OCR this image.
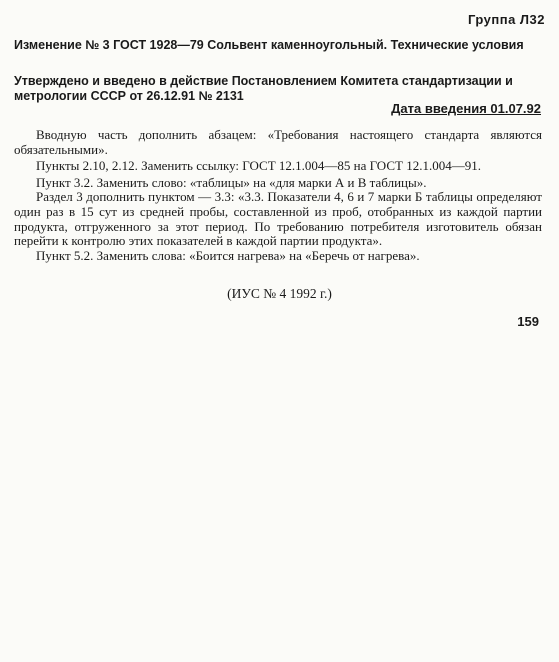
Группа Л32
Изменение № 3 ГОСТ 1928—79 Сольвент каменноугольный. Технические условия
Утверждено и введено в действие Постановлением Комитета стандартизации и метрологии СССР от 26.12.91 № 2131
Дата введения 01.07.92

Вводную часть дополнить абзацем: «Требования настоящего стандарта являются обязательными».

Пункты 2.10, 2.12. Заменить ссылку: ГОСТ 12.1.004—85 на ГОСТ 12.1.004—91.

Пункт 3.2. Заменить слово: «таблицы» на «для марки А и В таблицы».

Раздел 3 дополнить пунктом — 3.3: «3.3. Показатели 4, 6 и 7 марки Б таблицы определяют один раз в 15 сут из средней пробы, составленной из проб, отобранных из каждой партии продукта, отгруженного за этот период. По требованию потребителя изготовитель обязан перейти к контролю этих показателей в каждой партии продукта».

Пункт 5.2. Заменить слова: «Боится нагрева» на «Беречь от нагрева».

(ИУС № 4 1992 г.)
159
